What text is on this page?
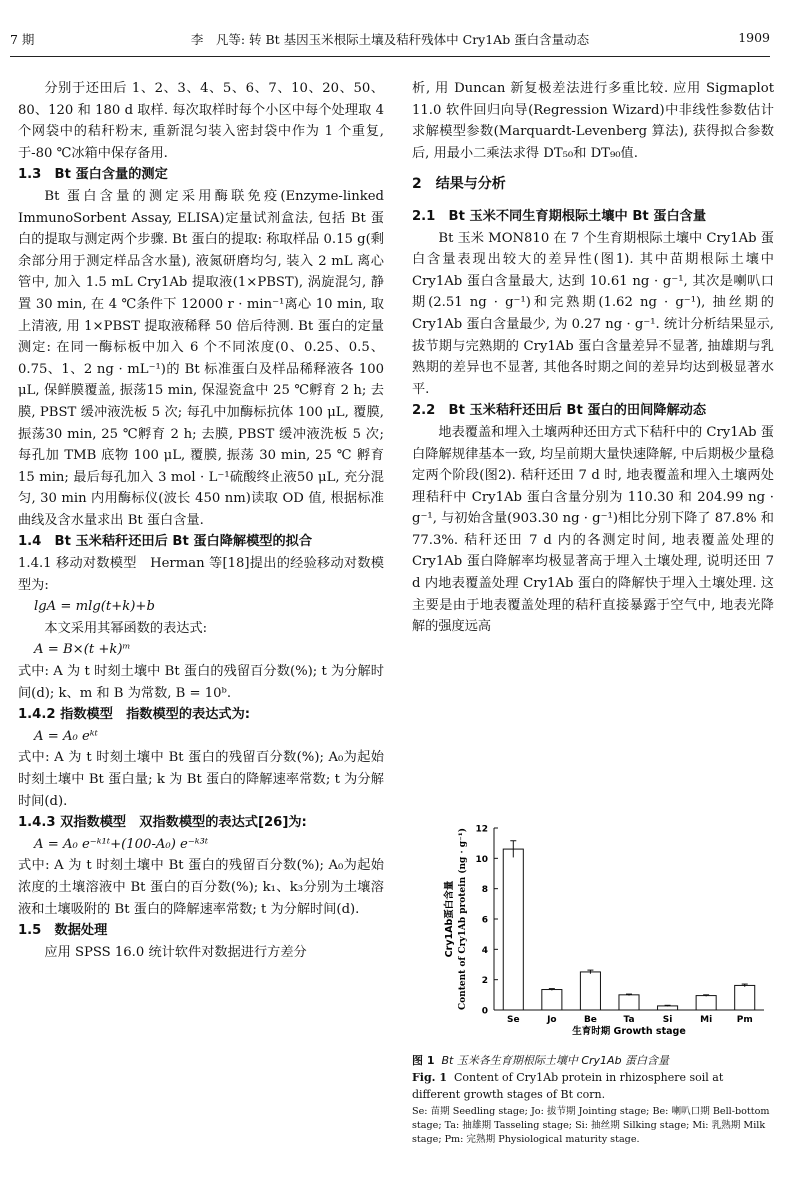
7 期	李　凡等: 转 Bt 基因玉米根际土壤及秸秆残体中 Cry1Ab 蛋白含量动态	1909

分别于还田后 1、2、3、4、5、6、7、10、20、50、80、120 和 180 d 取样. 每次取样时每个小区中每个处理取 4 个网袋中的秸秆粉末, 重新混匀装入密封袋中作为 1 个重复, 于-80 ℃冰箱中保存备用.

1.3　Bt 蛋白含量的测定

Bt 蛋白含量的测定采用酶联免疫(Enzyme-linked ImmunoSorbent Assay, ELISA)定量试剂盒法, 包括 Bt 蛋白的提取与测定两个步骤. Bt 蛋白的提取: 称取样品 0.15 g(剩余部分用于测定样品含水量), 液氮研磨均匀, 装入 2 mL 离心管中, 加入 1.5 mL Cry1Ab 提取液(1×PBST), 涡旋混匀, 静置 30 min, 在 4 ℃条件下 12000 r · min⁻¹离心 10 min, 取上清液, 用 1×PBST 提取液稀释 50 倍后待测. Bt 蛋白的定量测定: 在同一酶标板中加入 6 个不同浓度(0、0.25、0.5、0.75、1、2 ng · mL⁻¹)的 Bt 标准蛋白及样品稀释液各 100 μL, 保鲜膜覆盖, 振荡15 min, 保湿瓷盒中 25 ℃孵育 2 h; 去膜, PBST 缓冲液洗板 5 次; 每孔中加酶标抗体 100 μL, 覆膜, 振荡30 min, 25 ℃孵育 2 h; 去膜, PBST 缓冲液洗板 5 次; 每孔加 TMB 底物 100 μL, 覆膜, 振荡 30 min, 25 ℃ 孵育 15 min; 最后每孔加入 3 mol · L⁻¹硫酸终止液50 μL, 充分混匀, 30 min 内用酶标仪(波长 450 nm)读取 OD 值, 根据标准曲线及含水量求出 Bt 蛋白含量.

1.4　Bt 玉米秸秆还田后 Bt 蛋白降解模型的拟合

1.4.1 移动对数模型　Herman 等[18]提出的经验移动对数模型为:

lgA = mlg(t+k)+b

本文采用其幂函数的表达式:

A = B×(t +k)ᵐ

式中: A 为 t 时刻土壤中 Bt 蛋白的残留百分数(%); t 为分解时间(d); k、m 和 B 为常数, B = 10ᵇ.

1.4.2 指数模型　指数模型的表达式为:

A = A₀ eᵏᵗ

式中: A 为 t 时刻土壤中 Bt 蛋白的残留百分数(%); A₀为起始时刻土壤中 Bt 蛋白量; k 为 Bt 蛋白的降解速率常数; t 为分解时间(d).

1.4.3 双指数模型　双指数模型的表达式[26]为:

A = A₀ e⁻ᵏ¹ᵗ+(100-A₀) e⁻ᵏ³ᵗ

式中: A 为 t 时刻土壤中 Bt 蛋白的残留百分数(%); A₀为起始浓度的土壤溶液中 Bt 蛋白的百分数(%); k₁、k₃分别为土壤溶液和土壤吸附的 Bt 蛋白的降解速率常数; t 为分解时间(d).

1.5　数据处理

应用 SPSS 16.0 统计软件对数据进行方差分

析, 用 Duncan 新复极差法进行多重比较. 应用 Sigmaplot 11.0 软件回归向导(Regression Wizard)中非线性参数估计求解模型参数(Marquardt-Levenberg 算法), 获得拟合参数后, 用最小二乘法求得 DT₅₀和 DT₉₀值.

2　结果与分析

2.1　Bt 玉米不同生育期根际土壤中 Bt 蛋白含量

Bt 玉米 MON810 在 7 个生育期根际土壤中 Cry1Ab 蛋白含量表现出较大的差异性(图1). 其中苗期根际土壤中 Cry1Ab 蛋白含量最大, 达到 10.61 ng · g⁻¹, 其次是喇叭口期(2.51 ng · g⁻¹)和完熟期(1.62 ng · g⁻¹), 抽丝期的 Cry1Ab 蛋白含量最少, 为 0.27 ng · g⁻¹. 统计分析结果显示, 拔节期与完熟期的 Cry1Ab 蛋白含量差异不显著, 抽雄期与乳熟期的差异也不显著, 其他各时期之间的差异均达到极显著水平.

2.2　Bt 玉米秸秆还田后 Bt 蛋白的田间降解动态

地表覆盖和埋入土壤两种还田方式下秸秆中的 Cry1Ab 蛋白降解规律基本一致, 均呈前期大量快速降解, 中后期极少量稳定两个阶段(图2). 秸秆还田 7 d 时, 地表覆盖和埋入土壤两处理秸秆中 Cry1Ab 蛋白含量分别为 110.30 和 204.99 ng · g⁻¹, 与初始含量(903.30 ng · g⁻¹)相比分别下降了 87.8% 和 77.3%. 秸秆还田 7 d 内的各测定时间, 地表覆盖处理的 Cry1Ab 蛋白降解率均极显著高于埋入土壤处理, 说明还田 7 d 内地表覆盖处理 Cry1Ab 蛋白的降解快于埋入土壤处理. 这主要是由于地表覆盖处理的秸秆直接暴露于空气中, 地表光降解的强度远高

0
2
4
6
8
10
12
Se	Jo	Be	Ta	Si	Mi	Pm
生育时期 Growth stage
Cry1Ab蛋白含量 Content of Cry1Ab protein (ng · g⁻¹)

图 1 Bt 玉米各生育期根际土壤中 Cry1Ab 蛋白含量

Fig. 1 Content of Cry1Ab protein in rhizosphere soil at different growth stages of Bt corn.

Se: 苗期 Seedling stage; Jo: 拔节期 Jointing stage; Be: 喇叭口期 Bell-bottom stage; Ta: 抽雄期 Tasseling stage; Si: 抽丝期 Silking stage; Mi: 乳熟期 Milk stage; Pm: 完熟期 Physiological maturity stage.
